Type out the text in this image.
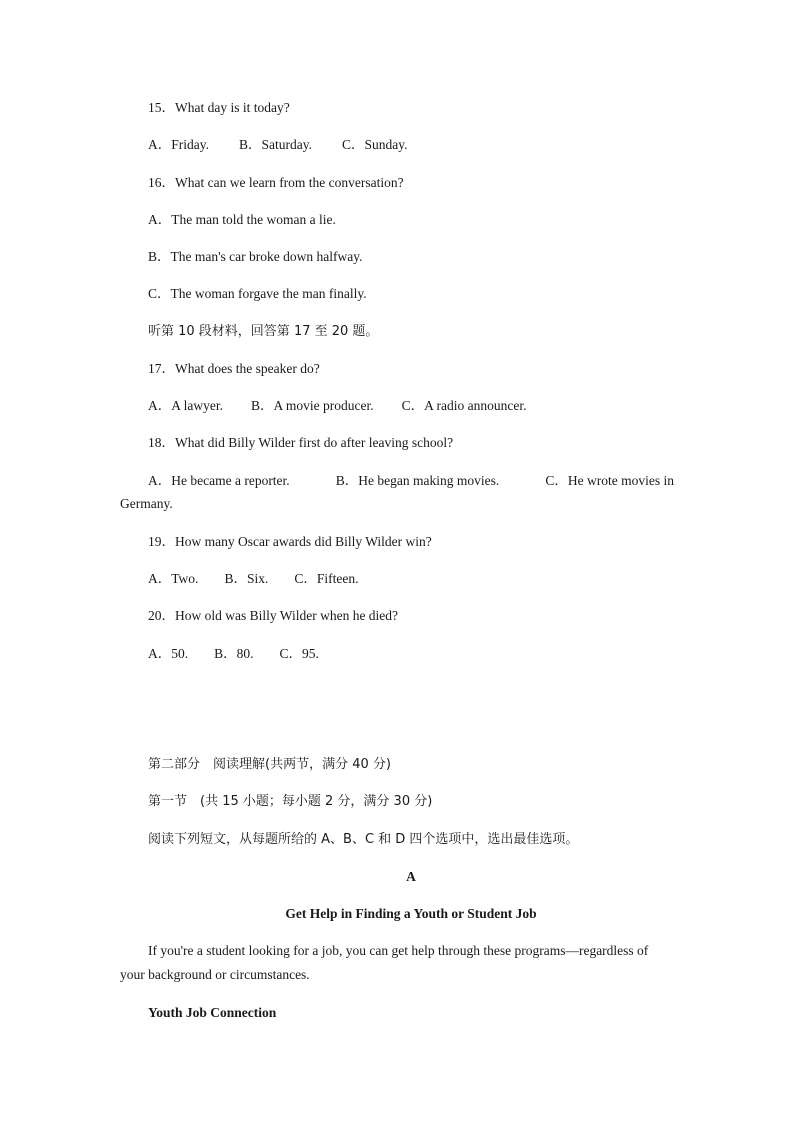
15．What day is it today?
A．Friday. B．Saturday. C．Sunday.
16．What can we learn from the conversation?
A．The man told the woman a lie.
B．The man's car broke down halfway.
C．The woman forgave the man finally.
听第 10 段材料，回答第 17 至 20 题。
17．What does the speaker do?
A．A lawyer. B．A movie producer. C．A radio announcer.
18．What did Billy Wilder first do after leaving school?
A．He became a reporter.	B．He began making movies.	C．He wrote movies in
Germany.
19．How many Oscar awards did Billy Wilder win?
A．Two. B．Six. C．Fifteen.
20．How old was Billy Wilder when he died?
A．50. B．80. C．95.
第二部分　阅读理解(共两节，满分 40 分)
第一节　(共 15 小题；每小题 2 分，满分 30 分)
阅读下列短文，从每题所给的 A、B、C 和 D 四个选项中，选出最佳选项。
A
Get Help in Finding a Youth or Student Job
If you're a student looking for a job, you can get help through these programs—regardless of
your background or circumstances.
Youth Job Connection
